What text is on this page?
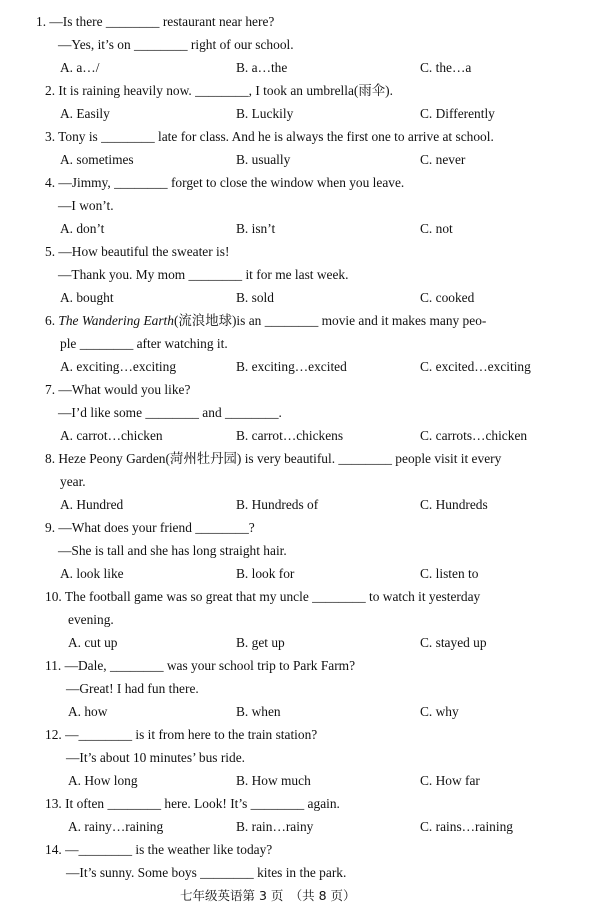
1. —Is there ________ restaurant near here?
—Yes, it’s on ________ right of our school.
A. a…/	B. a…the	C. the…a
2. It is raining heavily now. ________, I took an umbrella(雨伞).
A. Easily	B. Luckily	C. Differently
3. Tony is ________ late for class. And he is always the first one to arrive at school.
A. sometimes	B. usually	C. never
4. —Jimmy, ________ forget to close the window when you leave.
—I won’t.
A. don’t	B. isn’t	C. not
5. —How beautiful the sweater is!
—Thank you. My mom ________ it for me last week.
A. bought	B. sold	C. cooked
6. The Wandering Earth(流浪地球)is an ________ movie and it makes many peo-
ple ________ after watching it.
A. exciting…exciting	B. exciting…excited	C. excited…exciting
7. —What would you like?
—I’d like some ________ and ________.
A. carrot…chicken	B. carrot…chickens	C. carrots…chicken
8. Heze Peony Garden(菏州牡丹园) is very beautiful. ________ people visit it every
year.
A. Hundred	B. Hundreds of	C. Hundreds
9. —What does your friend ________?
—She is tall and she has long straight hair.
A. look like	B. look for	C. listen to
10. The football game was so great that my uncle ________ to watch it yesterday
evening.
A. cut up	B. get up	C. stayed up
11. —Dale, ________ was your school trip to Park Farm?
—Great! I had fun there.
A. how	B. when	C. why
12. —________ is it from here to the train station?
—It’s about 10 minutes’ bus ride.
A. How long	B. How much	C. How far
13. It often ________ here. Look! It’s ________ again.
A. rainy…raining	B. rain…rainy	C. rains…raining
14. —________ is the weather like today?
—It’s sunny. Some boys ________ kites in the park.
七年级英语第 3 页　（共 8 页）
